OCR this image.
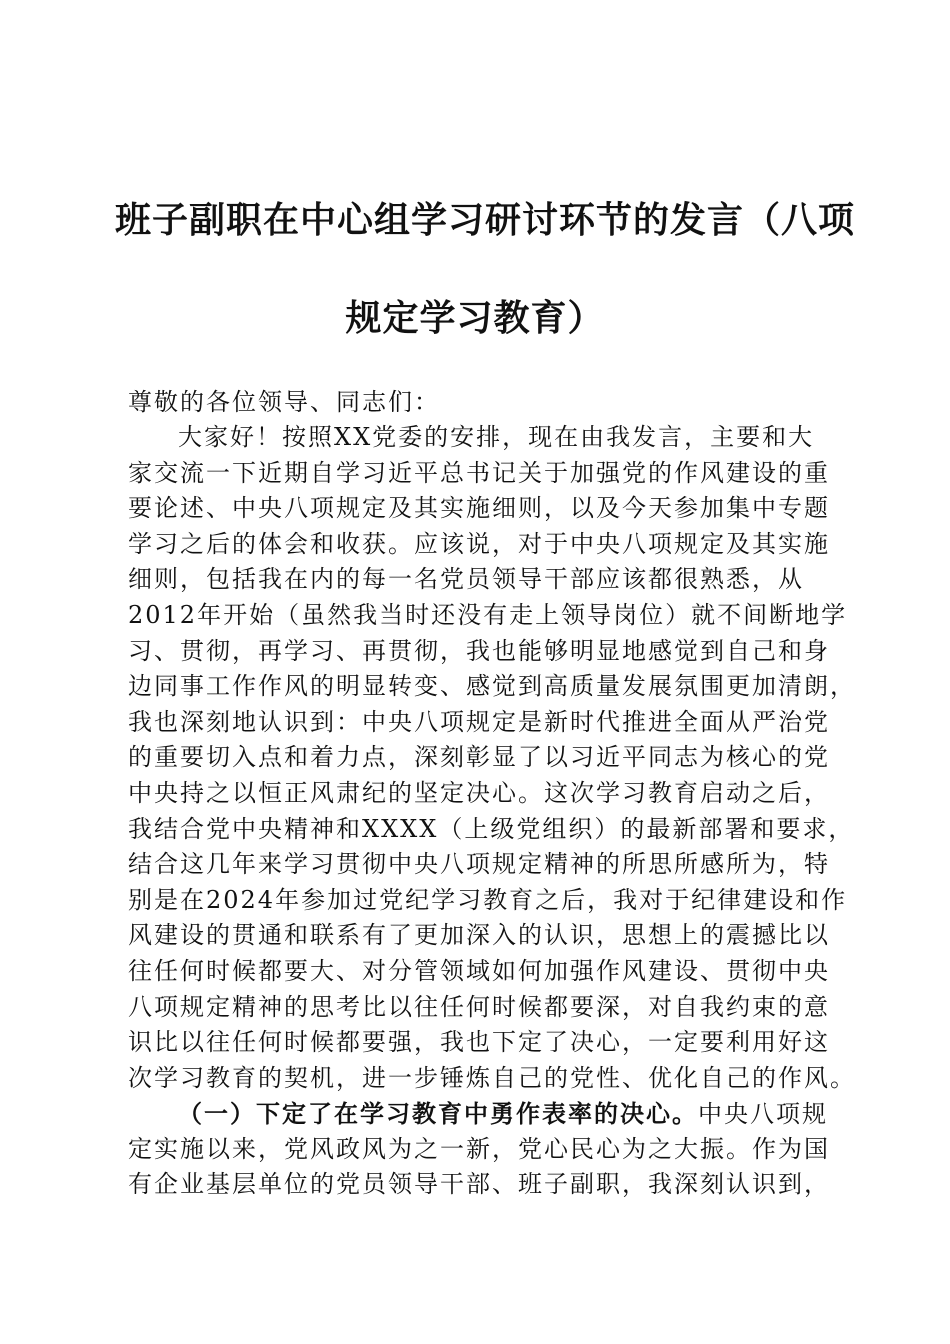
班子副职在中心组学习研讨环节的发言（八项
规定学习教育）
尊敬的各位领导、同志们：
大家好！按照XX党委的安排，现在由我发言，主要和大
家交流一下近期自学习近平总书记关于加强党的作风建设的重
要论述、中央八项规定及其实施细则，以及今天参加集中专题
学习之后的体会和收获。应该说，对于中央八项规定及其实施
细则，包括我在内的每一名党员领导干部应该都很熟悉，从
2012年开始（虽然我当时还没有走上领导岗位）就不间断地学
习、贯彻，再学习、再贯彻，我也能够明显地感觉到自己和身
边同事工作作风的明显转变、感觉到高质量发展氛围更加清朗，
我也深刻地认识到：中央八项规定是新时代推进全面从严治党
的重要切入点和着力点，深刻彰显了以习近平同志为核心的党
中央持之以恒正风肃纪的坚定决心。这次学习教育启动之后，
我结合党中央精神和XXXX（上级党组织）的最新部署和要求，
结合这几年来学习贯彻中央八项规定精神的所思所感所为，特
别是在2024年参加过党纪学习教育之后，我对于纪律建设和作
风建设的贯通和联系有了更加深入的认识，思想上的震撼比以
往任何时候都要大、对分管领域如何加强作风建设、贯彻中央
八项规定精神的思考比以往任何时候都要深，对自我约束的意
识比以往任何时候都要强，我也下定了决心，一定要利用好这
次学习教育的契机，进一步锤炼自己的党性、优化自己的作风。
（一）下定了在学习教育中勇作表率的决心。中央八项规
定实施以来，党风政风为之一新，党心民心为之大振。作为国
有企业基层单位的党员领导干部、班子副职，我深刻认识到，
